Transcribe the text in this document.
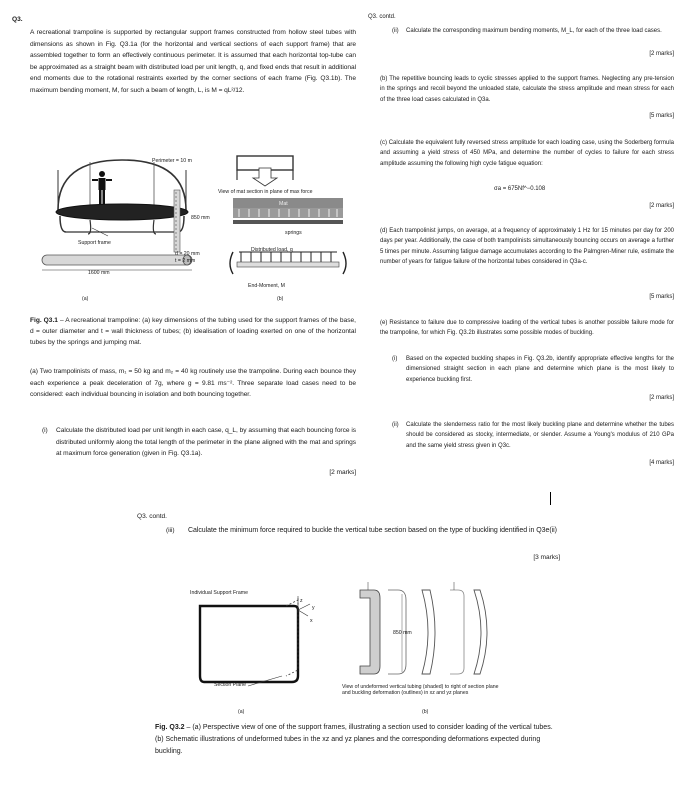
Q3.
A recreational trampoline is supported by rectangular support frames constructed from hollow steel tubes with dimensions as shown in Fig. Q3.1a (for the horizontal and vertical sections of each support frame) that are assembled together to form an effectively continuous perimeter. It is assumed that each horizontal top-tube can be approximated as a straight beam with distributed load per unit length, q, and fixed ends that result in additional end moments due to the rotational restraints exerted by the corner sections of each frame (Fig. Q3.1b). The maximum bending moment, M, for such a beam of length, L, is M = qL²/12.
Perimeter = 10 m
Support frame
850 mm
d = 20 mm
t = 2 mm
1600 mm
(a)
View of mat section in plane of max force
Mat
springs
Distributed load, q
End-Moment, M
(b)
Fig. Q3.1 – A recreational trampoline: (a) key dimensions of the tubing used for the support frames of the base, d = outer diameter and t = wall thickness of tubes; (b) idealisation of loading exerted on one of the horizontal tubes by the springs and jumping mat.
(a) Two trampolinists of mass, m₁ = 50 kg and m₂ = 40 kg routinely use the trampoline. During each bounce they each experience a peak deceleration of 7g, where g = 9.81 ms⁻². Three separate load cases need to be considered: each individual bouncing in isolation and both bouncing together.
(i) Calculate the distributed load per unit length in each case, q_L, by assuming that each bouncing force is distributed uniformly along the total length of the perimeter in the plane aligned with the mat and springs at maximum force generation (given in Fig. Q3.1a).
[2 marks]
Q3. contd.
(ii) Calculate the corresponding maximum bending moments, M_L, for each of the three load cases.
[2 marks]
(b) The repetitive bouncing leads to cyclic stresses applied to the support frames. Neglecting any pre-tension in the springs and recoil beyond the unloaded state, calculate the stress amplitude and mean stress for each of the three load cases calculated in Q3a.
[5 marks]
(c) Calculate the equivalent fully reversed stress amplitude for each loading case, using the Soderberg formula and assuming a yield stress of 450 MPa, and determine the number of cycles to failure for each stress amplitude assuming the following high cycle fatigue equation:
σa = 675Nf^−0.108
[2 marks]
(d) Each trampolinist jumps, on average, at a frequency of approximately 1 Hz for 15 minutes per day for 200 days per year. Additionally, the case of both trampolinists simultaneously bouncing occurs on average a further 5 times per minute. Assuming fatigue damage accumulates according to the Palmgren-Miner rule, estimate the number of years for fatigue failure of the horizontal tubes considered in Q3a-c.
[5 marks]
(e) Resistance to failure due to compressive loading of the vertical tubes is another possible failure mode for the trampoline, for which Fig. Q3.2b illustrates some possible modes of buckling.
(i) Based on the expected buckling shapes in Fig. Q3.2b, identify appropriate effective lengths for the dimensioned straight section in each plane and determine which plane is the most likely to experience buckling first.
[2 marks]
(ii) Calculate the slenderness ratio for the most likely buckling plane and determine whether the tubes should be considered as stocky, intermediate, or slender. Assume a Young's modulus of 210 GPa and the same yield stress given in Q3c.
[4 marks]
Q3. contd.
(iii) Calculate the minimum force required to buckle the vertical tube section based on the type of buckling identified in Q3e(ii)
[3 marks]
Individual Support Frame
z
y
x
Section Plane
(a)
850 mm
View of undeformed vertical tubing (shaded) to right of section plane and buckling deformation (outlines) in xz and yz planes
(b)
Fig. Q3.2 – (a) Perspective view of one of the support frames, illustrating a section used to consider loading of the vertical tubes. (b) Schematic illustrations of undeformed tubes in the xz and yz planes and the corresponding deformations expected during buckling.
